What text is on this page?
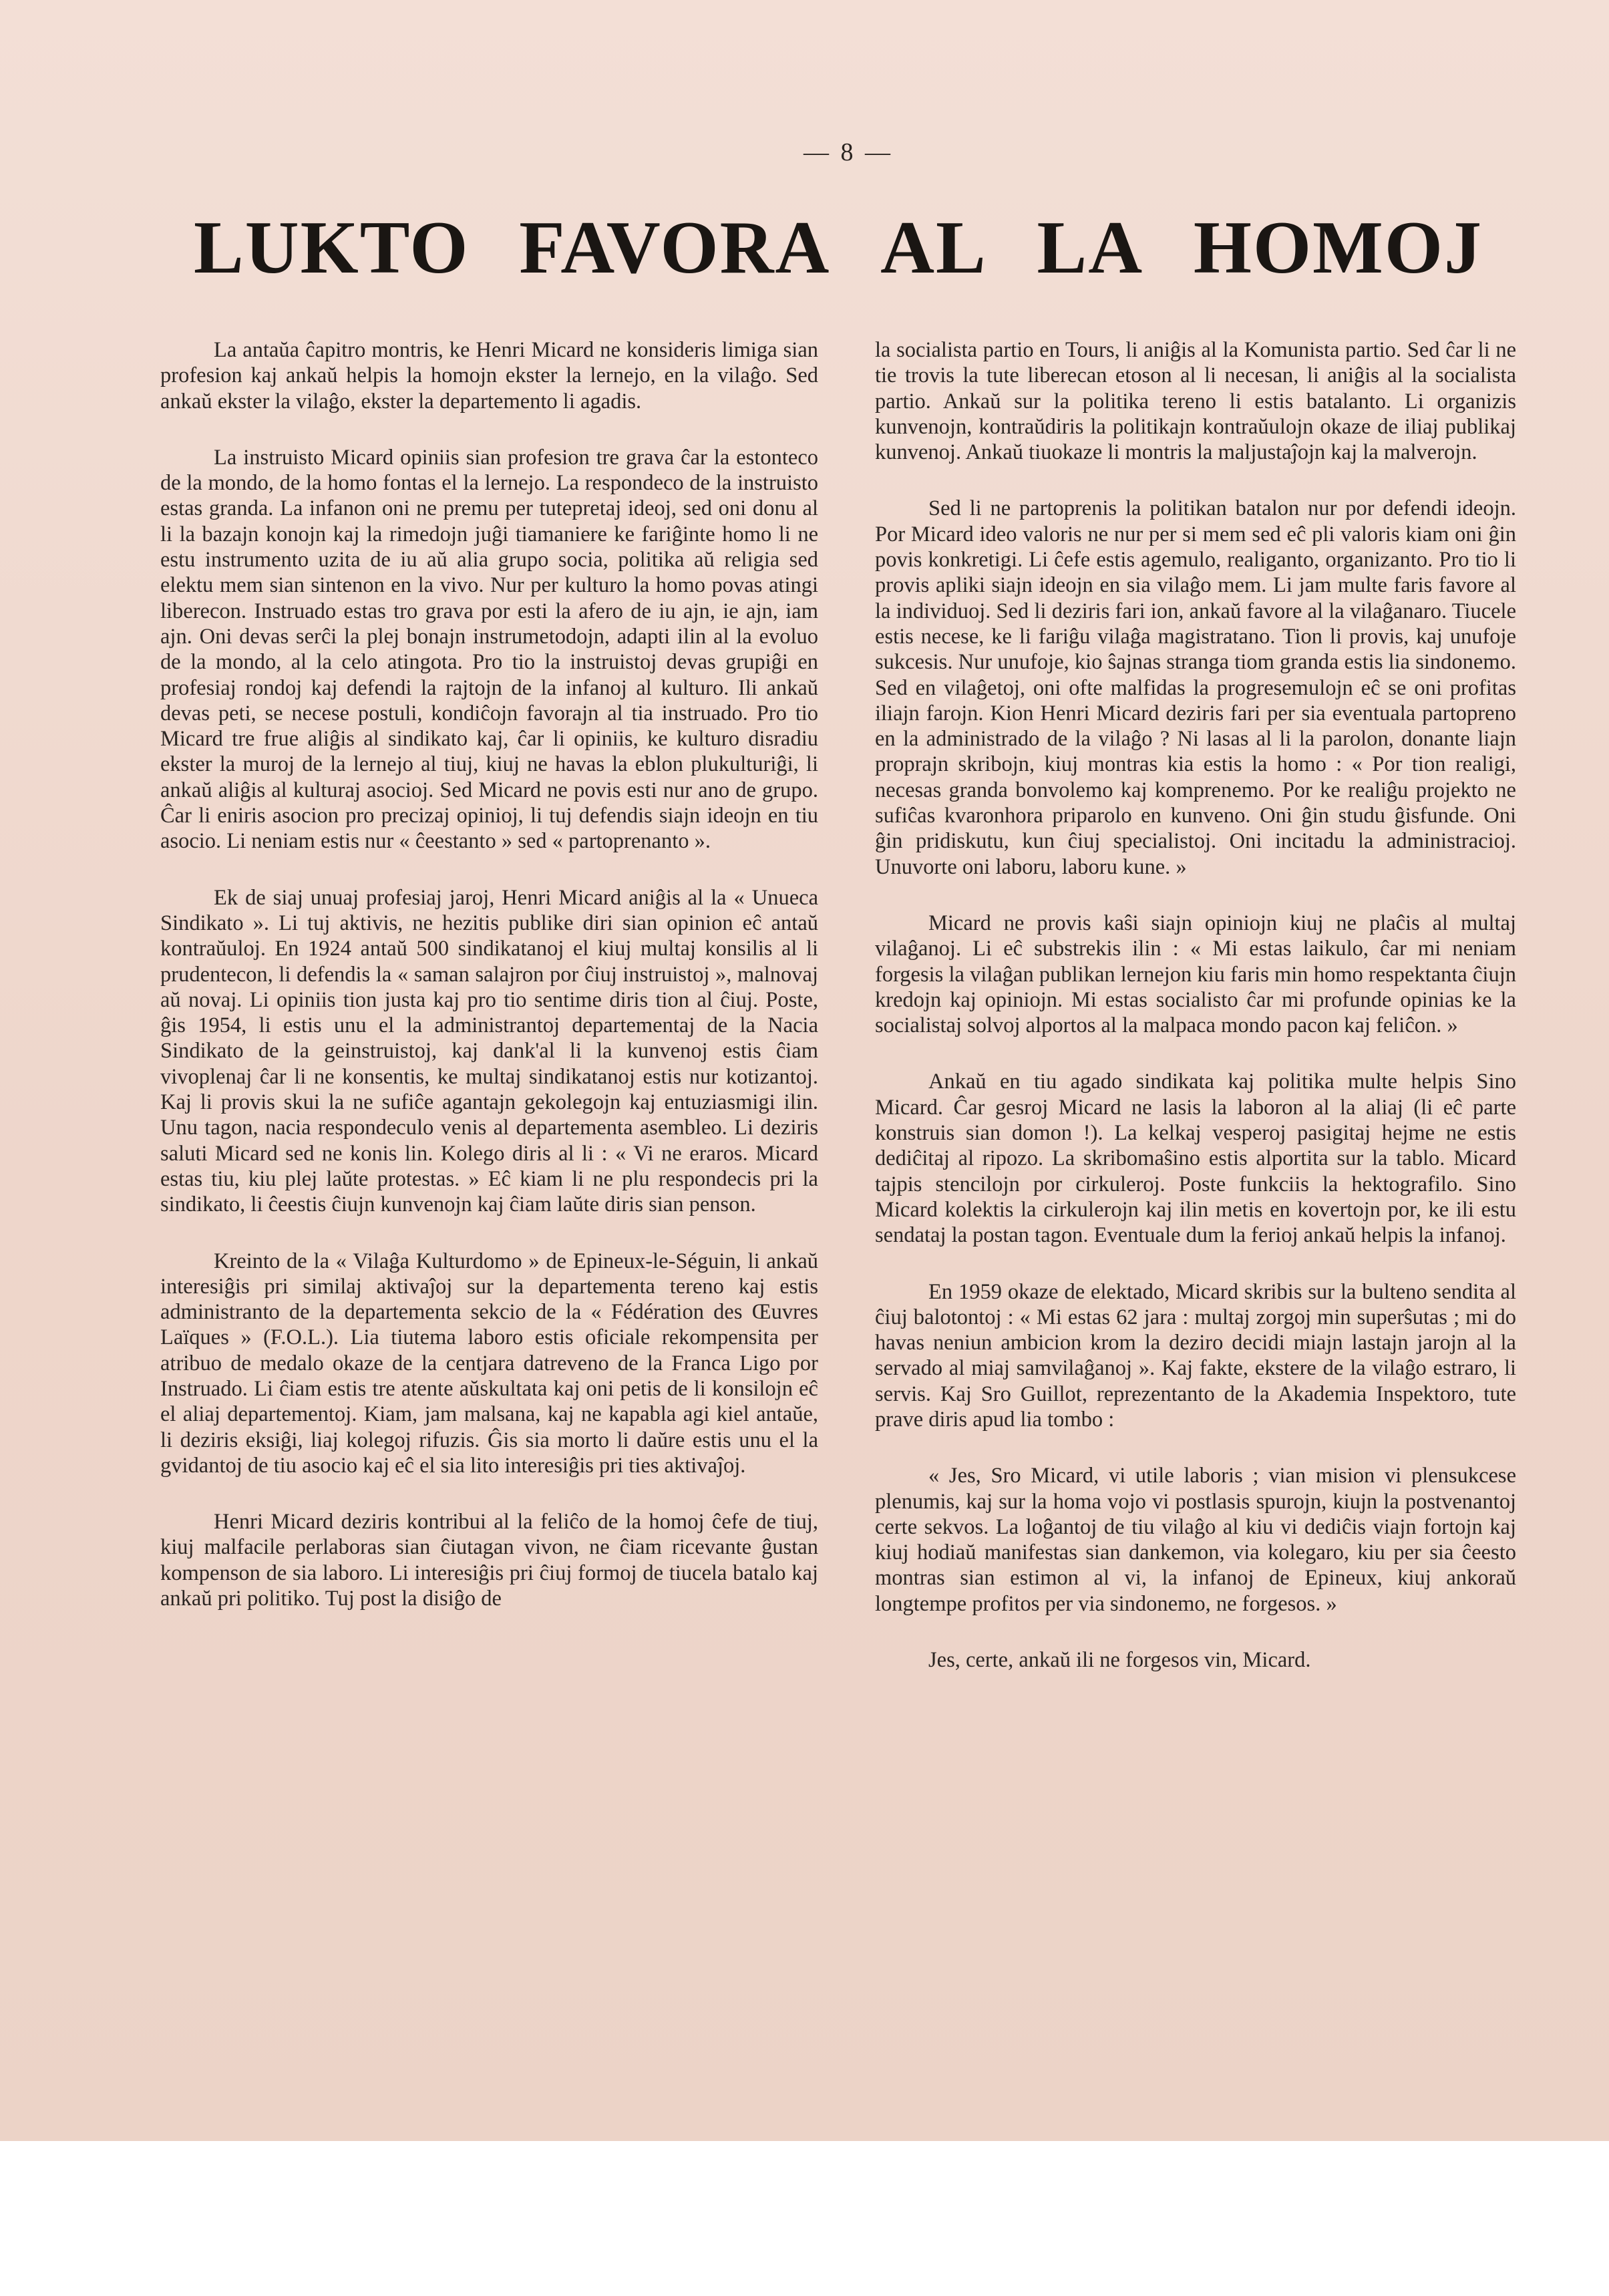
— 8 —
LUKTO FAVORA AL LA HOMOJ

La antaŭa ĉapitro montris, ke Henri Micard ne konsideris limiga sian profesion kaj ankaŭ helpis la homojn ekster la lernejo, en la vilaĝo. Sed ankaŭ ekster la vilaĝo, ekster la departemento li agadis.

La instruisto Micard opiniis sian profesion tre grava ĉar la estonteco de la mondo, de la homo fontas el la lernejo. La respondeco de la instruisto estas granda. La infanon oni ne premu per tutepretaj ideoj, sed oni donu al li la bazajn konojn kaj la rimedojn juĝi tiamaniere ke fariĝinte homo li ne estu instrumento uzita de iu aŭ alia grupo socia, politika aŭ religia sed elektu mem sian sintenon en la vivo. Nur per kulturo la homo povas atingi liberecon. Instruado estas tro grava por esti la afero de iu ajn, ie ajn, iam ajn. Oni devas serĉi la plej bonajn instrumetodojn, adapti ilin al la evoluo de la mondo, al la celo atingota. Pro tio la instruistoj devas grupiĝi en profesiaj rondoj kaj defendi la rajtojn de la infanoj al kulturo. Ili ankaŭ devas peti, se necese postuli, kondiĉojn favorajn al tia instruado. Pro tio Micard tre frue aliĝis al sindikato kaj, ĉar li opiniis, ke kulturo disradiu ekster la muroj de la lernejo al tiuj, kiuj ne havas la eblon plukulturiĝi, li ankaŭ aliĝis al kulturaj asocioj. Sed Micard ne povis esti nur ano de grupo. Ĉar li eniris asocion pro precizaj opinioj, li tuj defendis siajn ideojn en tiu asocio. Li neniam estis nur « ĉeestanto » sed « partoprenanto ».

Ek de siaj unuaj profesiaj jaroj, Henri Micard aniĝis al la « Unueca Sindikato ». Li tuj aktivis, ne hezitis publike diri sian opinion eĉ antaŭ kontraŭuloj. En 1924 antaŭ 500 sindikatanoj el kiuj multaj konsilis al li prudentecon, li defendis la « saman salajron por ĉiuj instruistoj », malnovaj aŭ novaj. Li opiniis tion justa kaj pro tio sentime diris tion al ĉiuj. Poste, ĝis 1954, li estis unu el la administrantoj departementaj de la Nacia Sindikato de la geinstruistoj, kaj dank'al li la kunvenoj estis ĉiam vivoplenaj ĉar li ne konsentis, ke multaj sindikatanoj estis nur kotizantoj. Kaj li provis skui la ne sufiĉe agantajn gekolegojn kaj entuziasmigi ilin. Unu tagon, nacia respondeculo venis al departementa asembleo. Li deziris saluti Micard sed ne konis lin. Kolego diris al li : « Vi ne eraros. Micard estas tiu, kiu plej laŭte protestas. » Eĉ kiam li ne plu respondecis pri la sindikato, li ĉeestis ĉiujn kunvenojn kaj ĉiam laŭte diris sian penson.

Kreinto de la « Vilaĝa Kulturdomo » de Epineux-le-Séguin, li ankaŭ interesiĝis pri similaj aktivaĵoj sur la departementa tereno kaj estis administranto de la departementa sekcio de la « Fédération des Œuvres Laïques » (F.O.L.). Lia tiutema laboro estis oficiale rekompensita per atribuo de medalo okaze de la centjara datreveno de la Franca Ligo por Instruado. Li ĉiam estis tre atente aŭskultata kaj oni petis de li konsilojn eĉ el aliaj departementoj. Kiam, jam malsana, kaj ne kapabla agi kiel antaŭe, li deziris eksiĝi, liaj kolegoj rifuzis. Ĝis sia morto li daŭre estis unu el la gvidantoj de tiu asocio kaj eĉ el sia lito interesiĝis pri ties aktivaĵoj.

Henri Micard deziris kontribui al la feliĉo de la homoj ĉefe de tiuj, kiuj malfacile perlaboras sian ĉiutagan vivon, ne ĉiam ricevante ĝustan kompenson de sia laboro. Li interesiĝis pri ĉiuj formoj de tiucela batalo kaj ankaŭ pri politiko. Tuj post la disiĝo de

la socialista partio en Tours, li aniĝis al la Komunista partio. Sed ĉar li ne tie trovis la tute liberecan etoson al li necesan, li aniĝis al la socialista partio. Ankaŭ sur la politika tereno li estis batalanto. Li organizis kunvenojn, kontraŭdiris la politikajn kontraŭulojn okaze de iliaj publikaj kunvenoj. Ankaŭ tiuokaze li montris la maljustaĵojn kaj la malverojn.

Sed li ne partoprenis la politikan batalon nur por defendi ideojn. Por Micard ideo valoris ne nur per si mem sed eĉ pli valoris kiam oni ĝin povis konkretigi. Li ĉefe estis agemulo, realiganto, organizanto. Pro tio li provis apliki siajn ideojn en sia vilaĝo mem. Li jam multe faris favore al la individuoj. Sed li deziris fari ion, ankaŭ favore al la vilaĝanaro. Tiucele estis necese, ke li fariĝu vilaĝa magistratano. Tion li provis, kaj unufoje sukcesis. Nur unufoje, kio ŝajnas stranga tiom granda estis lia sindonemo. Sed en vilaĝetoj, oni ofte malfidas la progresemulojn eĉ se oni profitas iliajn farojn. Kion Henri Micard deziris fari per sia eventuala partopreno en la administrado de la vilaĝo ? Ni lasas al li la parolon, donante liajn proprajn skribojn, kiuj montras kia estis la homo : « Por tion realigi, necesas granda bonvolemo kaj komprenemo. Por ke realiĝu projekto ne sufiĉas kvaronhora priparolo en kunveno. Oni ĝin studu ĝisfunde. Oni ĝin pridiskutu, kun ĉiuj specialistoj. Oni incitadu la administracioj. Unuvorte oni laboru, laboru kune. »

Micard ne provis kaŝi siajn opiniojn kiuj ne plaĉis al multaj vilaĝanoj. Li eĉ substrekis ilin : « Mi estas laikulo, ĉar mi neniam forgesis la vilaĝan publikan lernejon kiu faris min homo respektanta ĉiujn kredojn kaj opiniojn. Mi estas socialisto ĉar mi profunde opinias ke la socialistaj solvoj alportos al la malpaca mondo pacon kaj feliĉon. »

Ankaŭ en tiu agado sindikata kaj politika multe helpis Sino Micard. Ĉar gesroj Micard ne lasis la laboron al la aliaj (li eĉ parte konstruis sian domon !). La kelkaj vesperoj pasigitaj hejme ne estis dediĉitaj al ripozo. La skribomaŝino estis alportita sur la tablo. Micard tajpis stencilojn por cirkuleroj. Poste funkciis la hektografilo. Sino Micard kolektis la cirkulerojn kaj ilin metis en kovertojn por, ke ili estu sendataj la postan tagon. Eventuale dum la ferioj ankaŭ helpis la infanoj.

En 1959 okaze de elektado, Micard skribis sur la bulteno sendita al ĉiuj balotontoj : « Mi estas 62 jara : multaj zorgoj min superŝutas ; mi do havas neniun ambicion krom la deziro decidi miajn lastajn jarojn al la servado al miaj samvilaĝanoj ». Kaj fakte, ekstere de la vilaĝo estraro, li servis. Kaj Sro Guillot, reprezentanto de la Akademia Inspektoro, tute prave diris apud lia tombo :

« Jes, Sro Micard, vi utile laboris ; vian mision vi plensukcese plenumis, kaj sur la homa vojo vi postlasis spurojn, kiujn la postvenantoj certe sekvos. La loĝantoj de tiu vilaĝo al kiu vi dediĉis viajn fortojn kaj kiuj hodiaŭ manifestas sian dankemon, via kolegaro, kiu per sia ĉeesto montras sian estimon al vi, la infanoj de Epineux, kiuj ankoraŭ longtempe profitos per via sindonemo, ne forgesos. »

Jes, certe, ankaŭ ili ne forgesos vin, Micard.
